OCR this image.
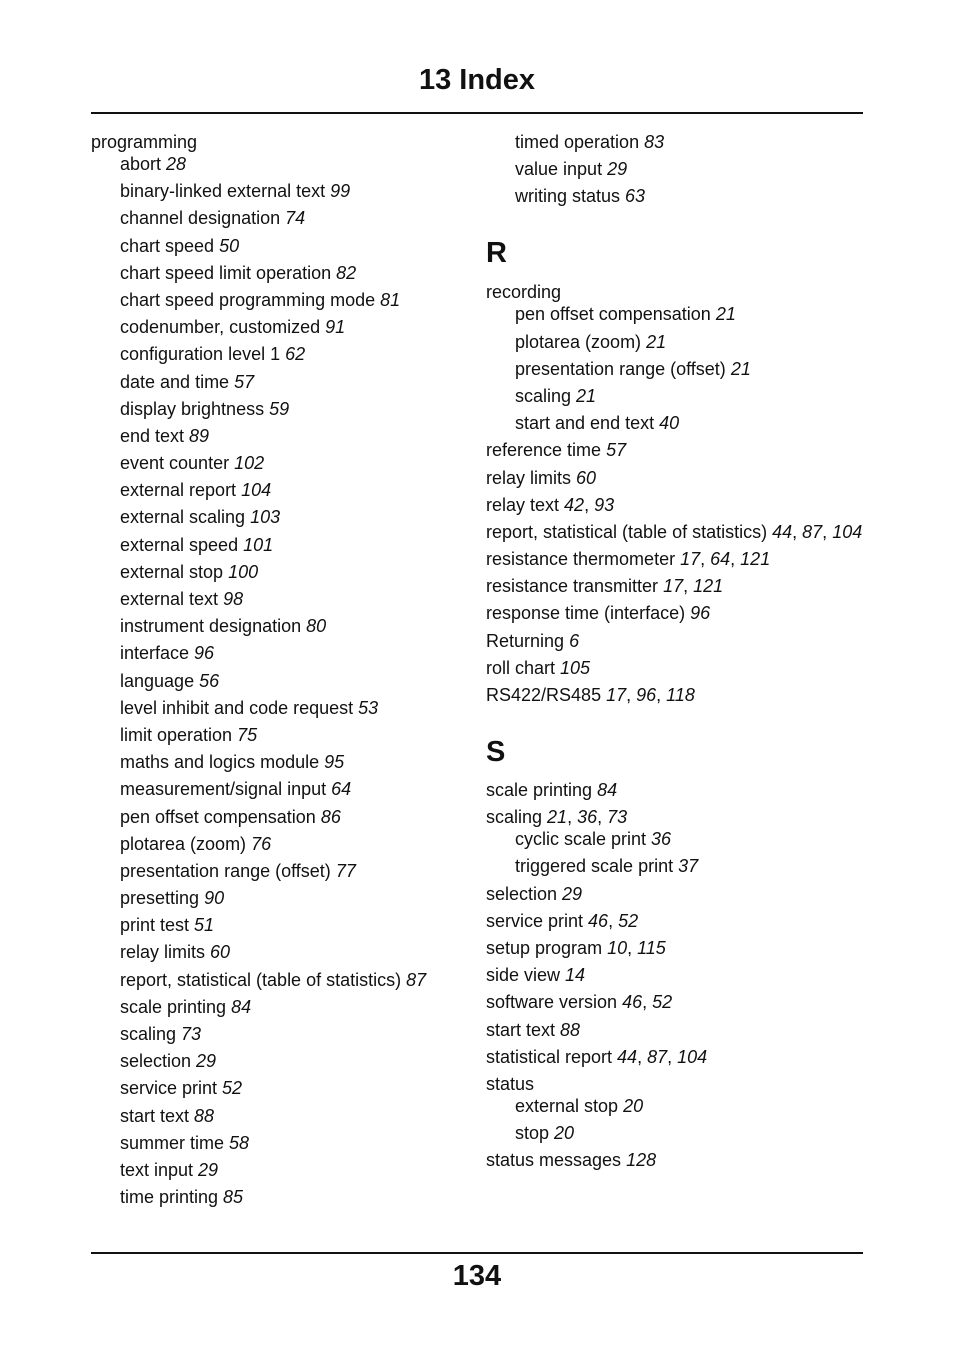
13 Index
programming
abort 28
binary-linked external text 99
channel designation 74
chart speed 50
chart speed limit operation 82
chart speed programming mode 81
codenumber, customized 91
configuration level 1 62
date and time 57
display brightness 59
end text 89
event counter 102
external report 104
external scaling 103
external speed 101
external stop 100
external text 98
instrument designation 80
interface 96
language 56
level inhibit and code request 53
limit operation 75
maths and logics module 95
measurement/signal input 64
pen offset compensation 86
plotarea (zoom) 76
presentation range (offset) 77
presetting 90
print test 51
relay limits 60
report, statistical (table of statistics) 87
scale printing 84
scaling 73
selection 29
service print 52
start text 88
summer time 58
text input 29
time printing 85
timed operation 83
value input 29
writing status 63
R
recording
pen offset compensation 21
plotarea (zoom) 21
presentation range (offset) 21
scaling 21
start and end text 40
reference time 57
relay limits 60
relay text 42, 93
report, statistical (table of statistics) 44, 87, 104
resistance thermometer 17, 64, 121
resistance transmitter 17, 121
response time (interface) 96
Returning 6
roll chart 105
RS422/RS485 17, 96, 118
S
scale printing 84
scaling 21, 36, 73
cyclic scale print 36
triggered scale print 37
selection 29
service print 46, 52
setup program 10, 115
side view 14
software version 46, 52
start text 88
statistical report 44, 87, 104
status
external stop 20
stop 20
status messages 128
134
